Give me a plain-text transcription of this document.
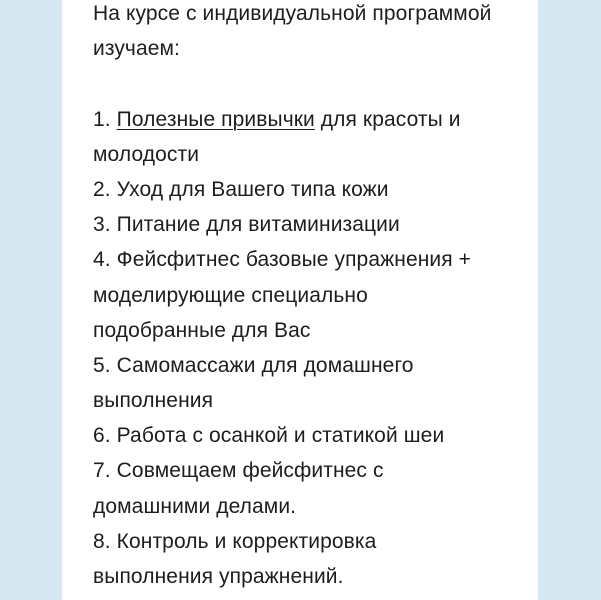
На курсе с индивидуальной программой
изучаем:
1. Полезные привычки для красоты и
молодости
2. Уход для Вашего типа кожи
3. Питание для витаминизации
4. Фейсфитнес базовые упражнения +
моделирующие специально
подобранные для Вас
5. Самомассажи для домашнего
выполнения
6. Работа с осанкой и статикой шеи
7. Совмещаем фейсфитнес с
домашними делами.
8. Контроль и корректировка
выполнения упражнений.
